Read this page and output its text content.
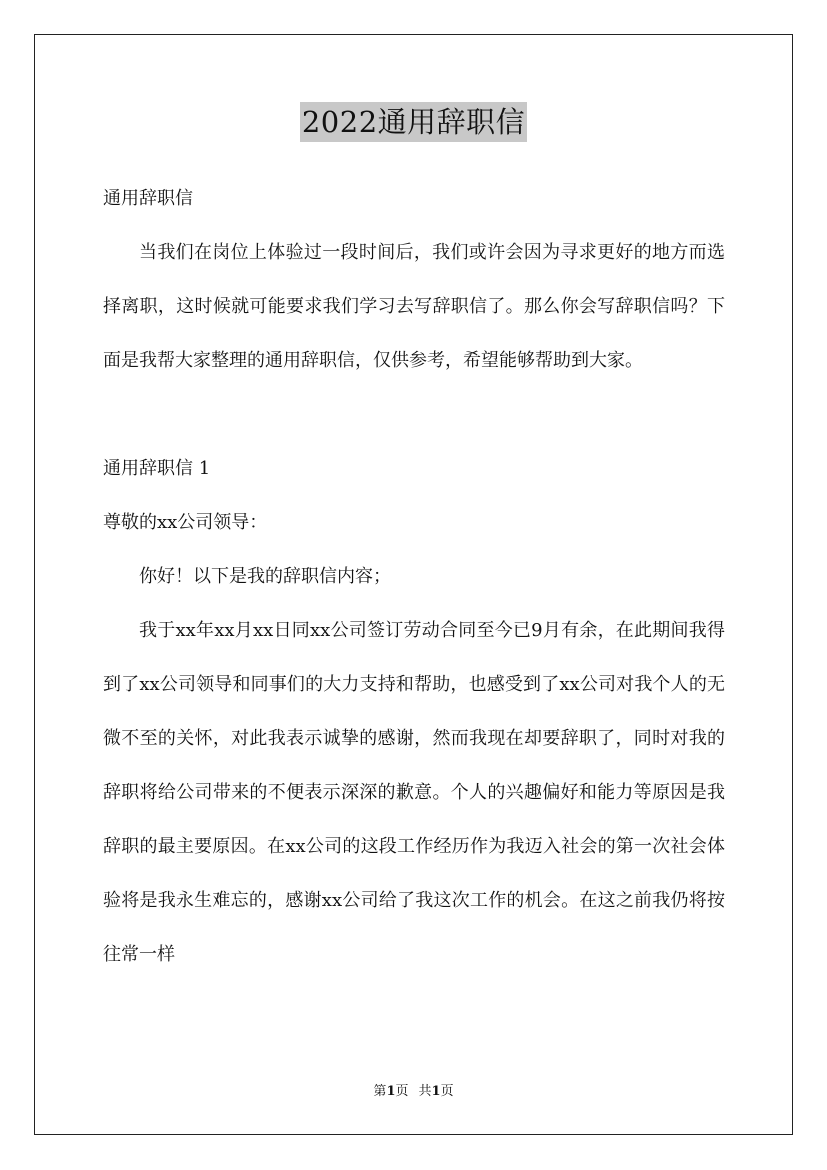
2022通用辞职信

通用辞职信

当我们在岗位上体验过一段时间后，我们或许会因为寻求更好的地方而选择离职，这时候就可能要求我们学习去写辞职信了。那么你会写辞职信吗？下面是我帮大家整理的通用辞职信，仅供参考，希望能够帮助到大家。

通用辞职信 1

尊敬的xx公司领导：

你好！以下是我的辞职信内容；

我于xx年xx月xx日同xx公司签订劳动合同至今已9月有余，在此期间我得到了xx公司领导和同事们的大力支持和帮助，也感受到了xx公司对我个人的无微不至的关怀，对此我表示诚挚的感谢，然而我现在却要辞职了，同时对我的辞职将给公司带来的不便表示深深的歉意。个人的兴趣偏好和能力等原因是我辞职的最主要原因。在xx公司的这段工作经历作为我迈入社会的第一次社会体验将是我永生难忘的，感谢xx公司给了我这次工作的机会。在这之前我仍将按往常一样

第1页 共1页
